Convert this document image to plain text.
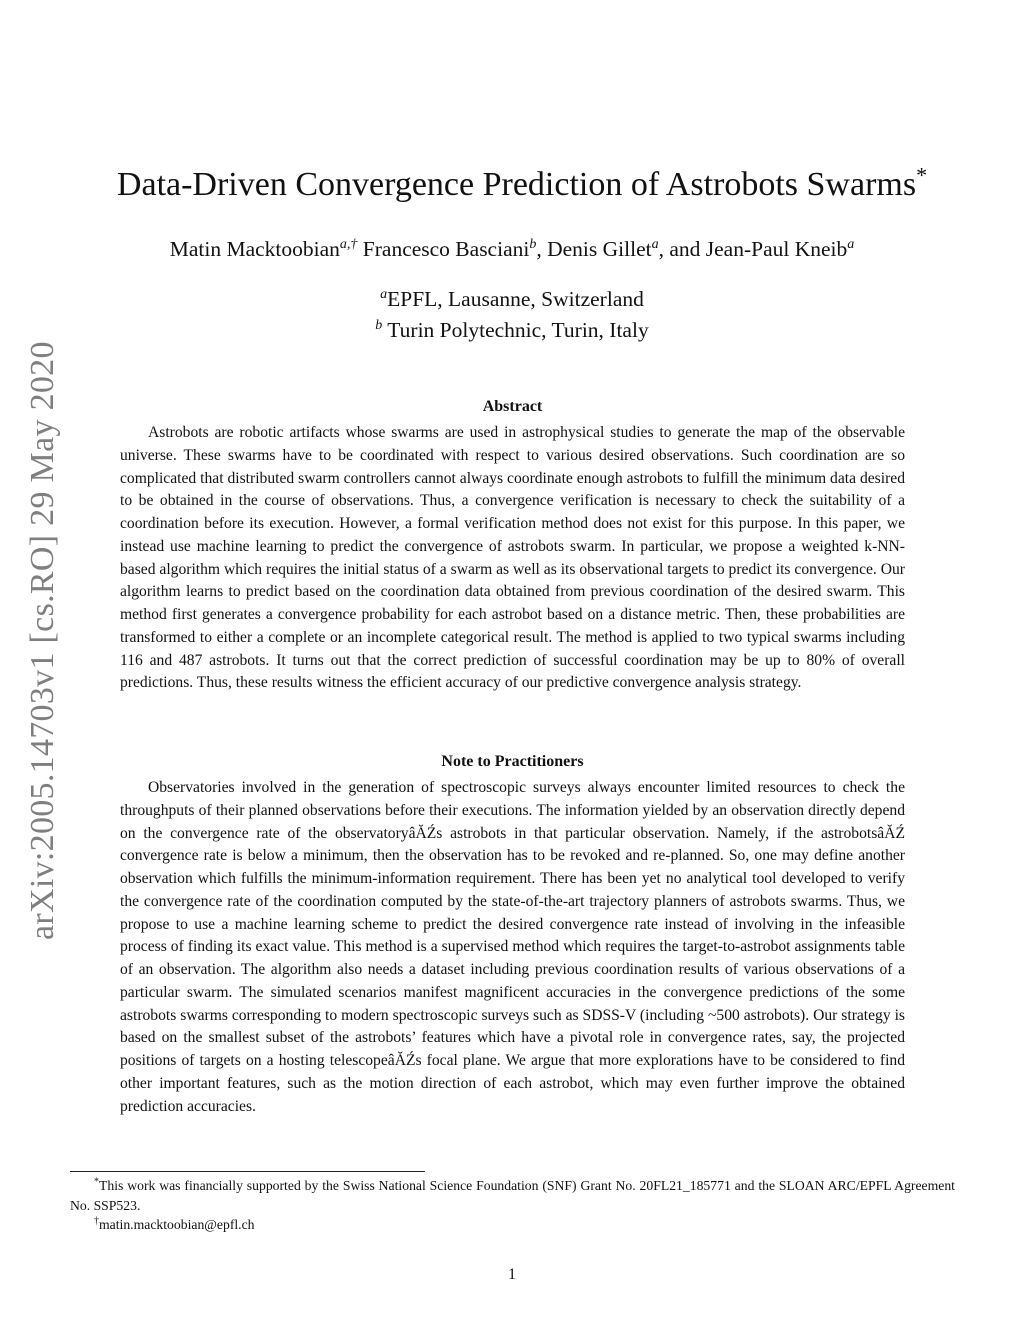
arXiv:2005.14703v1 [cs.RO] 29 May 2020
Data-Driven Convergence Prediction of Astrobots Swarms*
Matin Macktoobian$^{a,\dagger}$ Francesco Basciani$^b$, Denis Gillet$^a$, and Jean-Paul Kneib$^a$
$^a$EPFL, Lausanne, Switzerland
$^b$ Turin Polytechnic, Turin, Italy
Abstract
Astrobots are robotic artifacts whose swarms are used in astrophysical studies to generate the map of the observable universe. These swarms have to be coordinated with respect to various desired observations. Such coordination are so complicated that distributed swarm controllers cannot always coordinate enough astrobots to fulfill the minimum data desired to be obtained in the course of observations. Thus, a convergence verification is necessary to check the suitability of a coordination before its execution. However, a formal verification method does not exist for this purpose. In this paper, we instead use machine learning to predict the convergence of astrobots swarm. In particular, we propose a weighted k-NN-based algorithm which requires the initial status of a swarm as well as its observational targets to predict its convergence. Our algorithm learns to predict based on the coordination data obtained from previous coordination of the desired swarm. This method first generates a convergence probability for each astrobot based on a distance metric. Then, these probabilities are transformed to either a complete or an incomplete categorical result. The method is applied to two typical swarms including 116 and 487 astrobots. It turns out that the correct prediction of successful coordination may be up to 80% of overall predictions. Thus, these results witness the efficient accuracy of our predictive convergence analysis strategy.
Note to Practitioners
Observatories involved in the generation of spectroscopic surveys always encounter limited resources to check the throughputs of their planned observations before their executions. The information yielded by an observation directly depend on the convergence rate of the observatoryâĂŹs astrobots in that particular observation. Namely, if the astrobotsâĂŹ convergence rate is below a minimum, then the observation has to be revoked and re-planned. So, one may define another observation which fulfills the minimum-information requirement. There has been yet no analytical tool developed to verify the convergence rate of the coordination computed by the state-of-the-art trajectory planners of astrobots swarms. Thus, we propose to use a machine learning scheme to predict the desired convergence rate instead of involving in the infeasible process of finding its exact value. This method is a supervised method which requires the target-to-astrobot assignments table of an observation. The algorithm also needs a dataset including previous coordination results of various observations of a particular swarm. The simulated scenarios manifest magnificent accuracies in the convergence predictions of the some astrobots swarms corresponding to modern spectroscopic surveys such as SDSS-V (including ~500 astrobots). Our strategy is based on the smallest subset of the astrobots’ features which have a pivotal role in convergence rates, say, the projected positions of targets on a hosting telescopeâĂŹs focal plane. We argue that more explorations have to be considered to find other important features, such as the motion direction of each astrobot, which may even further improve the obtained prediction accuracies.
*This work was financially supported by the Swiss National Science Foundation (SNF) Grant No. 20FL21_185771 and the SLOAN ARC/EPFL Agreement No. SSP523.
†matin.macktoobian@epfl.ch
1
